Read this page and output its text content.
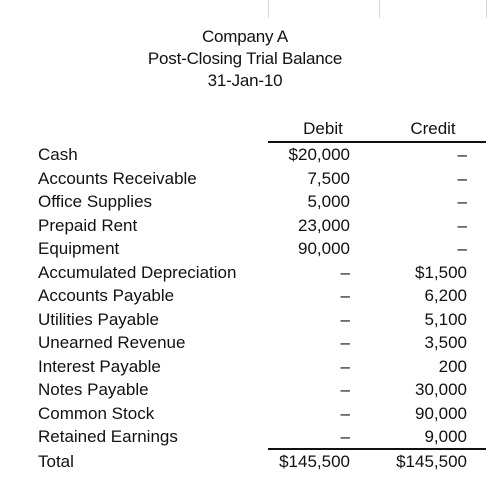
Company A
Post-Closing Trial Balance
31-Jan-10
Debit	Credit
Cash	$20,000	–
Accounts Receivable	7,500	–
Office Supplies	5,000	–
Prepaid Rent	23,000	–
Equipment	90,000	–
Accumulated Depreciation	–	$1,500
Accounts Payable	–	6,200
Utilities Payable	–	5,100
Unearned Revenue	–	3,500
Interest Payable	–	200
Notes Payable	–	30,000
Common Stock	–	90,000
Retained Earnings	–	9,000
Total	$145,500	$145,500
